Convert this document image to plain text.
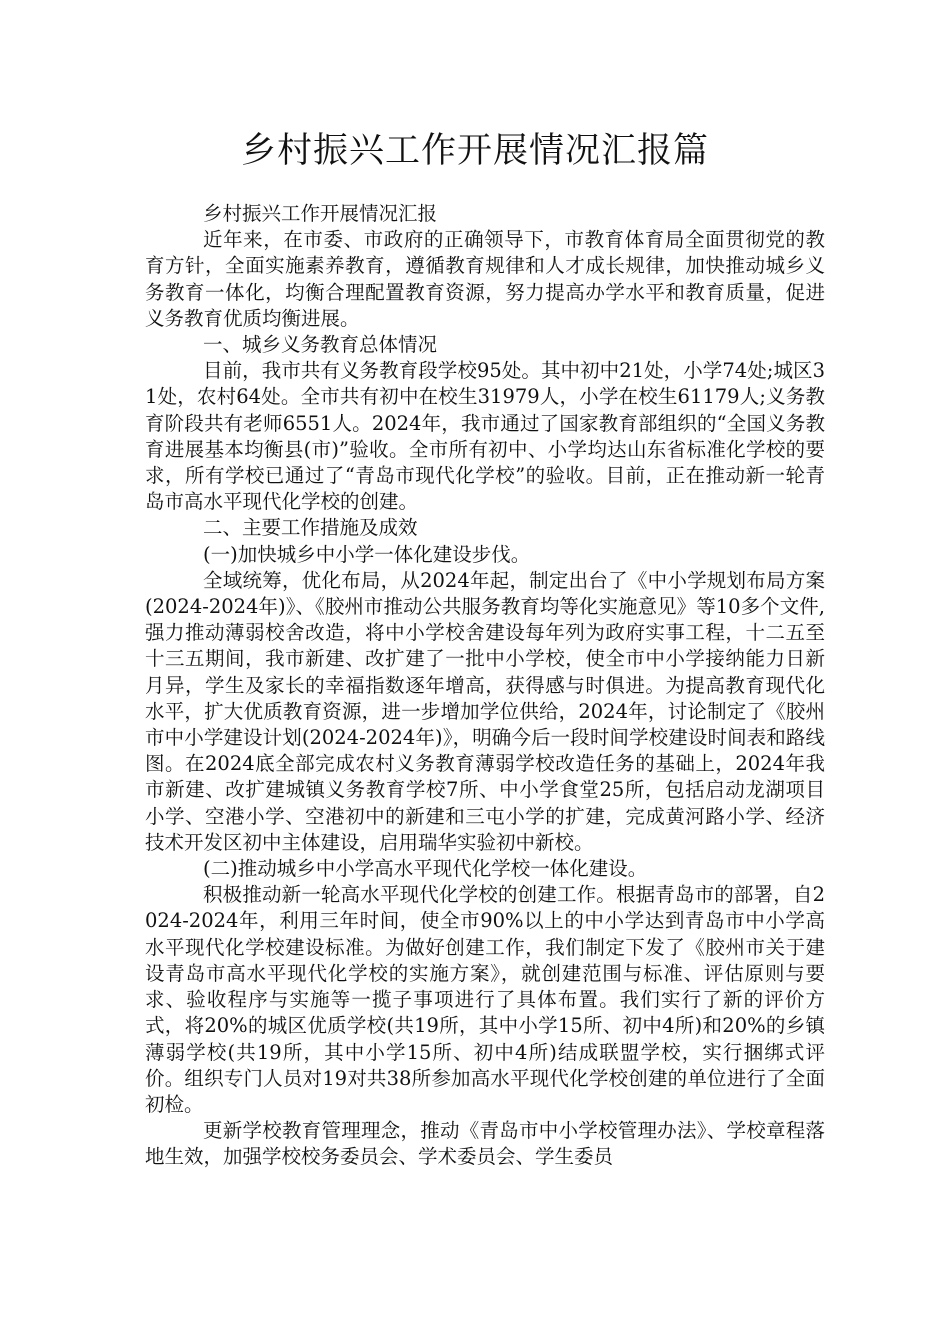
乡村振兴工作开展情况汇报篇

乡村振兴工作开展情况汇报

近年来，在市委、市政府的正确领导下，市教育体育局全面贯彻党的教育方针，全面实施素养教育，遵循教育规律和人才成长规律，加快推动城乡义务教育一体化，均衡合理配置教育资源，努力提高办学水平和教育质量，促进义务教育优质均衡进展。

一、城乡义务教育总体情况

目前，我市共有义务教育段学校95处。其中初中21处，小学74处;城区31处，农村64处。全市共有初中在校生31979人，小学在校生61179人;义务教育阶段共有老师6551人。2024年，我市通过了国家教育部组织的“全国义务教育进展基本均衡县(市)”验收。全市所有初中、小学均达山东省标准化学校的要求，所有学校已通过了“青岛市现代化学校”的验收。目前，正在推动新一轮青岛市高水平现代化学校的创建。

二、主要工作措施及成效

(一)加快城乡中小学一体化建设步伐。

全域统筹，优化布局，从2024年起，制定出台了《中小学规划布局方案(2024-2024年)》、《胶州市推动公共服务教育均等化实施意见》等10多个文件,强力推动薄弱校舍改造，将中小学校舍建设每年列为政府实事工程，十二五至十三五期间，我市新建、改扩建了一批中小学校，使全市中小学接纳能力日新月异，学生及家长的幸福指数逐年增高，获得感与时俱进。为提高教育现代化水平，扩大优质教育资源，进一步增加学位供给，2024年，讨论制定了《胶州市中小学建设计划(2024-2024年)》，明确今后一段时间学校建设时间表和路线图。在2024底全部完成农村义务教育薄弱学校改造任务的基础上，2024年我市新建、改扩建城镇义务教育学校7所、中小学食堂25所，包括启动龙湖项目小学、空港小学、空港初中的新建和三屯小学的扩建，完成黄河路小学、经济技术开发区初中主体建设，启用瑞华实验初中新校。

(二)推动城乡中小学高水平现代化学校一体化建设。

积极推动新一轮高水平现代化学校的创建工作。根据青岛市的部署，自2024-2024年，利用三年时间，使全市90%以上的中小学达到青岛市中小学高水平现代化学校建设标准。为做好创建工作，我们制定下发了《胶州市关于建设青岛市高水平现代化学校的实施方案》，就创建范围与标准、评估原则与要求、验收程序与实施等一揽子事项进行了具体布置。我们实行了新的评价方式，将20%的城区优质学校(共19所，其中小学15所、初中4所)和20%的乡镇薄弱学校(共19所，其中小学15所、初中4所)结成联盟学校，实行捆绑式评价。组织专门人员对19对共38所参加高水平现代化学校创建的单位进行了全面初检。

更新学校教育管理理念，推动《青岛市中小学校管理办法》、学校章程落地生效，加强学校校务委员会、学术委员会、学生委员
